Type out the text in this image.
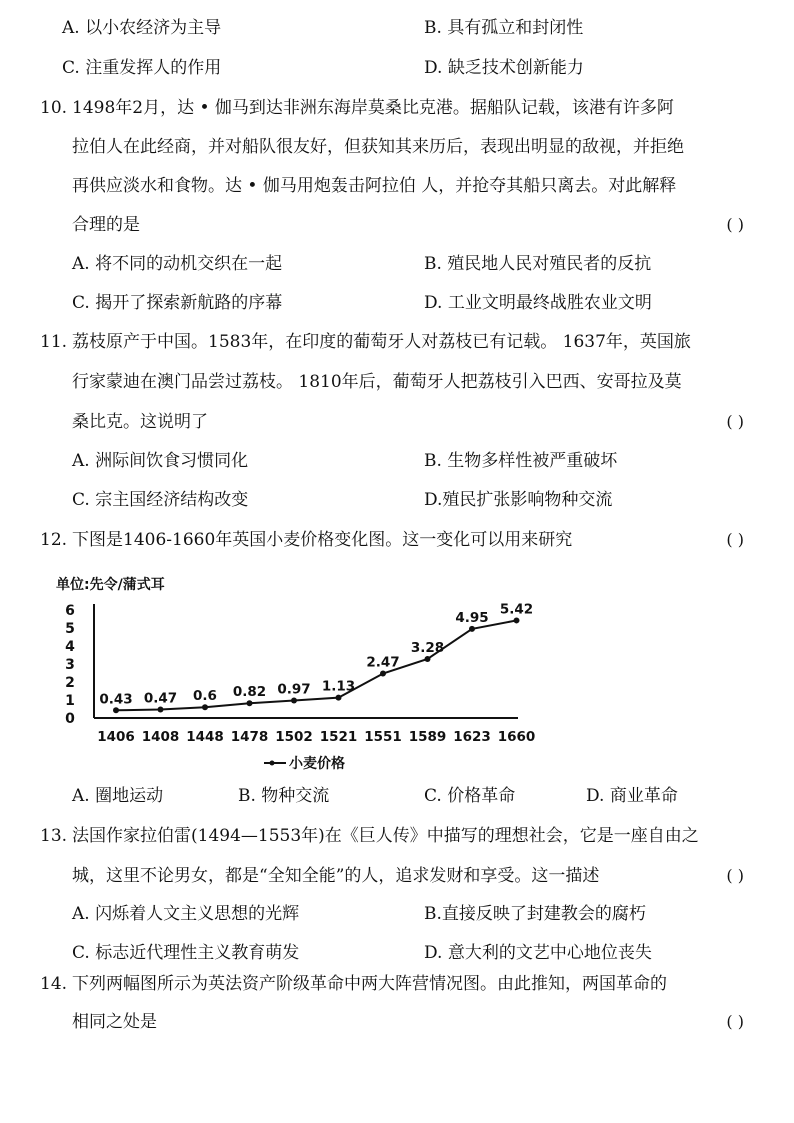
A. 以小农经济为主导	B. 具有孤立和封闭性
C. 注重发挥人的作用	D. 缺乏技术创新能力
10. 1498年2月，达 • 伽马到达非洲东海岸莫桑比克港。据船队记载，该港有许多阿
拉伯人在此经商，并对船队很友好，但获知其来历后，表现出明显的敌视，并拒绝
再供应淡水和食物。达 • 伽马用炮轰击阿拉伯 人，并抢夺其船只离去。对此解释
合理的是	( )
A. 将不同的动机交织在一起	B. 殖民地人民对殖民者的反抗
C. 揭开了探索新航路的序幕	D. 工业文明最终战胜农业文明
11. 荔枝原产于中国。1583年，在印度的葡萄牙人对荔枝已有记载。 1637年，英国旅
行家蒙迪在澳门品尝过荔枝。 1810年后，葡萄牙人把荔枝引入巴西、安哥拉及莫
桑比克。这说明了	( )
A. 洲际间饮食习惯同化	B. 生物多样性被严重破坏
C. 宗主国经济结构改变	D.殖民扩张影响物种交流
12. 下图是1406-1660年英国小麦价格变化图。这一变化可以用来研究	( )
单位:先令/蒲式耳
0
1
2
3
4
5
6
0.43 0.47 0.6 0.82 0.97 1.13
2.47
3.28
4.95
5.42
1406 1408 1448 1478 1502 1521 1551 1589 1623 1660
小麦价格
A. 圈地运动	B. 物种交流	C. 价格革命	D. 商业革命
13. 法国作家拉伯雷(1494—1553年)在《巨人传》中描写的理想社会，它是一座自由之
城，这里不论男女，都是“全知全能”的人，追求发财和享受。这一描述	( )
A. 闪烁着人文主义思想的光辉	B.直接反映了封建教会的腐朽
C. 标志近代理性主义教育萌发	D. 意大利的文艺中心地位丧失
14. 下列两幅图所示为英法资产阶级革命中两大阵营情况图。由此推知，两国革命的
相同之处是	( )
